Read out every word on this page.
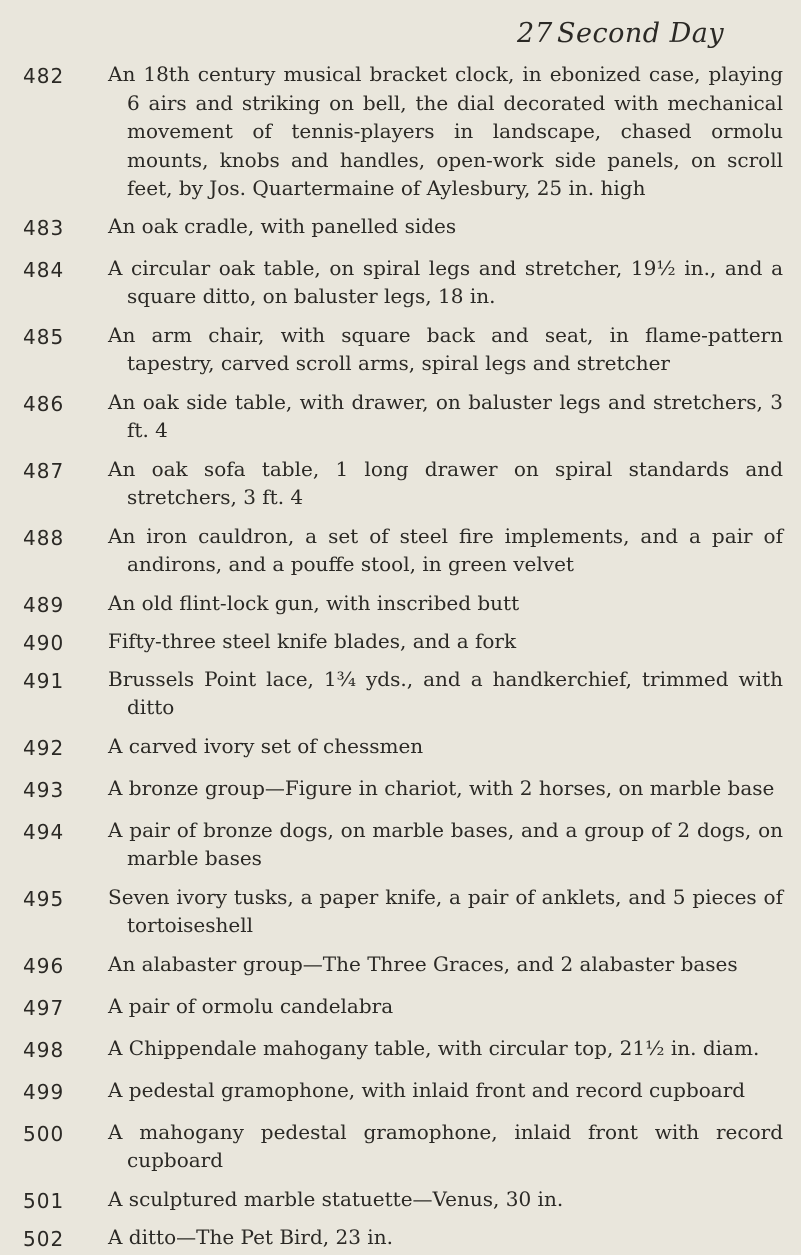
27 Second Day
482	An 18th century musical bracket clock, in ebonized case, playing 6 airs and striking on bell, the dial decorated with mechanical movement of tennis-players in landscape, chased ormolu mounts, knobs and handles, open-work side panels, on scroll feet, by Jos. Quartermaine of Aylesbury, 25 in. high
483	An oak cradle, with panelled sides
484	A circular oak table, on spiral legs and stretcher, 19½ in., and a square ditto, on baluster legs, 18 in.
485	An arm chair, with square back and seat, in flame-pattern tapestry, carved scroll arms, spiral legs and stretcher
486	An oak side table, with drawer, on baluster legs and stretchers, 3 ft. 4
487	An oak sofa table, 1 long drawer on spiral standards and stretchers, 3 ft. 4
488	An iron cauldron, a set of steel fire implements, and a pair of andirons, and a pouffe stool, in green velvet
489	An old flint-lock gun, with inscribed butt
490	Fifty-three steel knife blades, and a fork
491	Brussels Point lace, 1¾ yds., and a handkerchief, trimmed with ditto
492	A carved ivory set of chessmen
493	A bronze group—Figure in chariot, with 2 horses, on marble base
494	A pair of bronze dogs, on marble bases, and a group of 2 dogs, on marble bases
495	Seven ivory tusks, a paper knife, a pair of anklets, and 5 pieces of tortoiseshell
496	An alabaster group—The Three Graces, and 2 alabaster bases
497	A pair of ormolu candelabra
498	A Chippendale mahogany table, with circular top, 21½ in. diam.
499	A pedestal gramophone, with inlaid front and record cupboard
500	A mahogany pedestal gramophone, inlaid front with record cupboard
501	A sculptured marble statuette—Venus, 30 in.
502	A ditto—The Pet Bird, 23 in.
